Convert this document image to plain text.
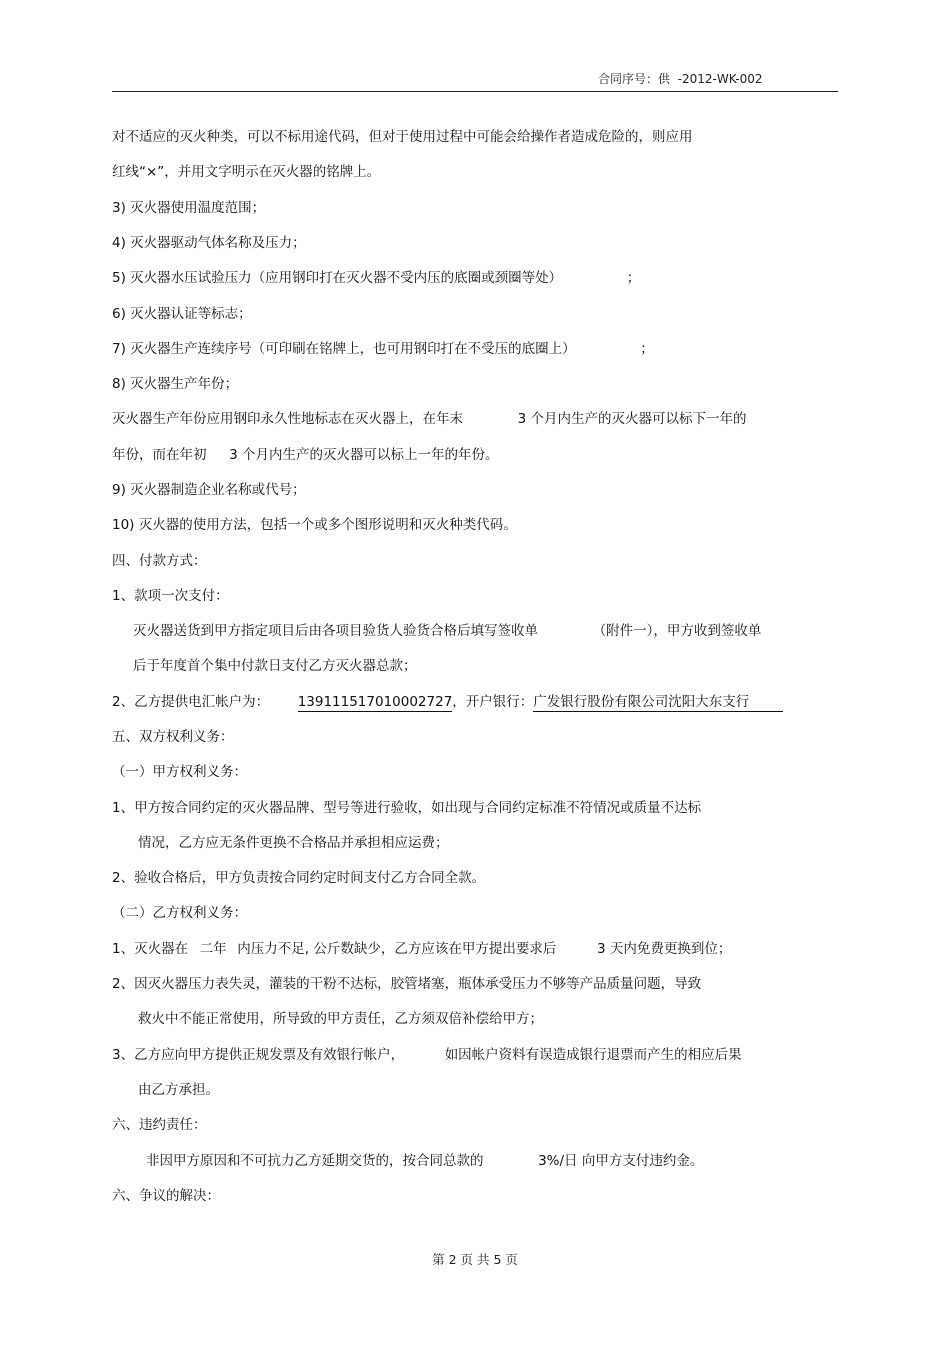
合同序号：供 -2012-WK-002
对不适应的灭火种类，可以不标用途代码，但对于使用过程中可能会给操作者造成危险的，则应用
红线“×”，并用文字明示在灭火器的铭牌上。
3) 灭火器使用温度范围；
4) 灭火器驱动气体名称及压力；
5) 灭火器水压试验压力（应用钢印打在灭火器不受内压的底圈或颈圈等处）	；
6) 灭火器认证等标志；
7) 灭火器生产连续序号（可印刷在铭牌上，也可用钢印打在不受压的底圈上）	；
8) 灭火器生产年份；
灭火器生产年份应用钢印永久性地标志在灭火器上，在年末	3 个月内生产的灭火器可以标下一年的
年份，而在年初 3 个月内生产的灭火器可以标上一年的年份。
9) 灭火器制造企业名称或代号；
10) 灭火器的使用方法，包括一个或多个图形说明和灭火种类代码。
四、付款方式：
1、款项一次支付：
灭火器送货到甲方指定项目后由各项目验货人验货合格后填写签收单	（附件一），甲方收到签收单
后于年度首个集中付款日支付乙方灭火器总款；
2、乙方提供电汇帐户为： 139111517010002727，开户银行：广发银行股份有限公司沈阳大东支行
五、双方权利义务：
（一）甲方权利义务：
1、甲方按合同约定的灭火器品牌、型号等进行验收，如出现与合同约定标准不符情况或质量不达标
情况，乙方应无条件更换不合格品并承担相应运费；
2、验收合格后，甲方负责按合同约定时间支付乙方合同全款。
（二）乙方权利义务：
1、灭火器在 二年 内压力不足, 公斤数缺少，乙方应该在甲方提出要求后	3 天内免费更换到位；
2、因灭火器压力表失灵，灌装的干粉不达标，胶管堵塞，瓶体承受压力不够等产品质量问题，导致
救火中不能正常使用，所导致的甲方责任，乙方须双倍补偿给甲方；
3、乙方应向甲方提供正规发票及有效银行帐户，	如因帐户资料有误造成银行退票而产生的相应后果
由乙方承担。
六、违约责任：
非因甲方原因和不可抗力乙方延期交货的，按合同总款的	3%/日 向甲方支付违约金。
六、争议的解决：
第 2 页 共 5 页
